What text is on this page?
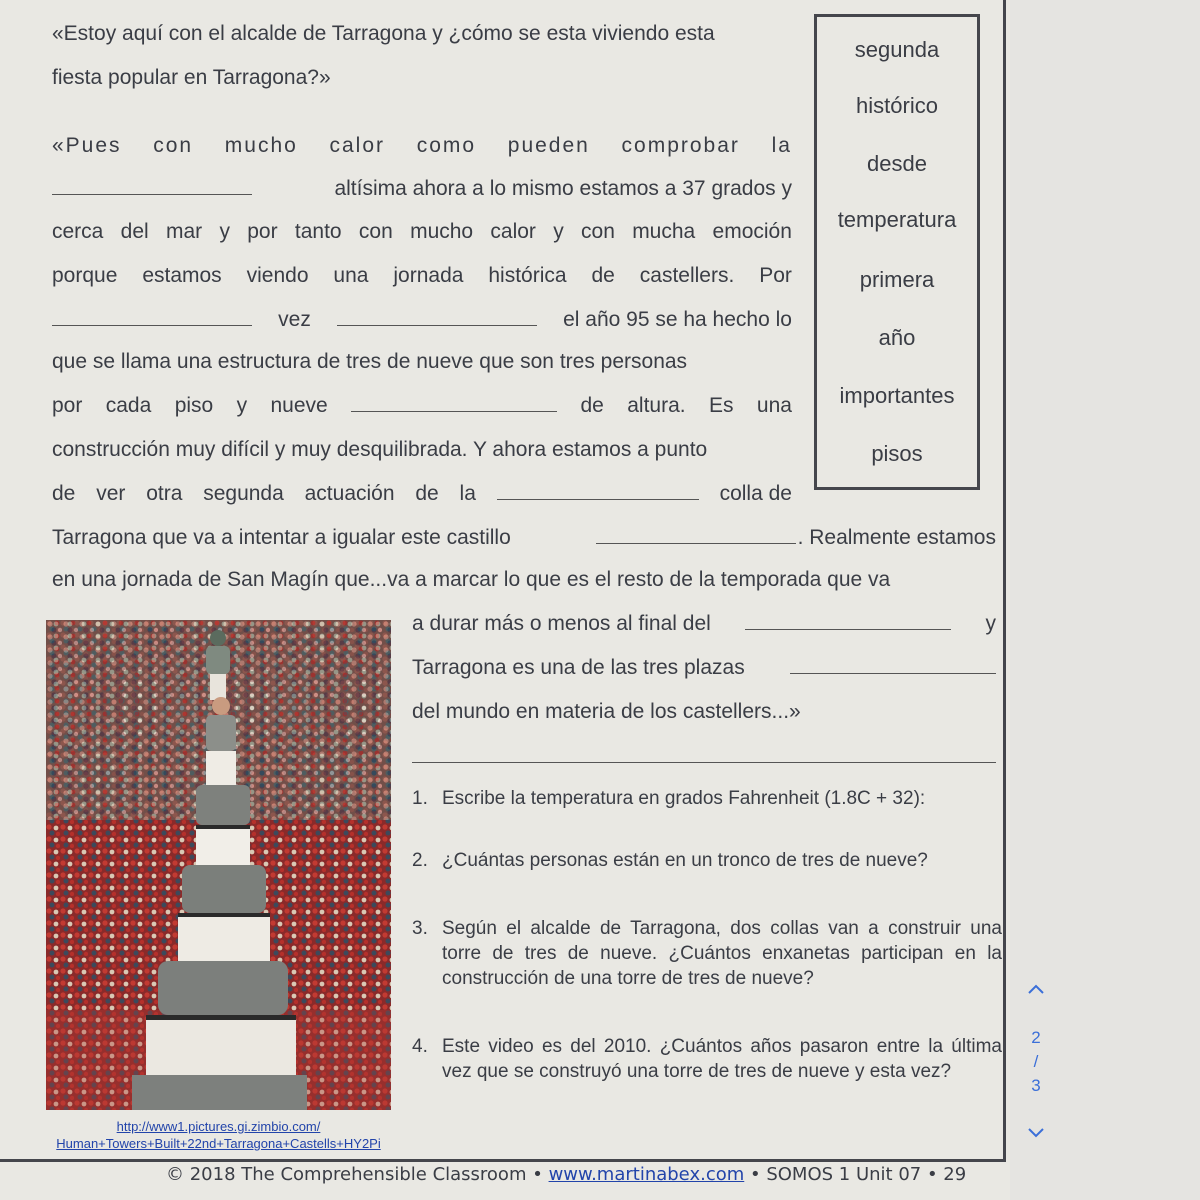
«Estoy aquí con el alcalde de Tarragona y ¿cómo se esta viviendo esta
fiesta popular en Tarragona?»
«Pues con mucho calor como pueden comprobar la
altísima ahora a lo mismo estamos a 37 grados y
cerca del mar y por tanto con mucho calor y con mucha emoción
porque estamos viendo una jornada histórica de castellers. Por
vez	el año 95 se ha hecho lo
que se llama una estructura de tres de nueve que son tres personas
por cada piso y nueve	de altura. Es una
construcción muy difícil y muy desquilibrada. Y ahora estamos a punto
de ver otra segunda actuación de la	colla de
Tarragona que va a intentar a igualar este castillo	. Realmente estamos
en una jornada de San Magín que...va a marcar lo que es el resto de la temporada que va
a durar más o menos al final del	y
Tarragona es una de las tres plazas
del mundo en materia de los castellers...»
segunda
histórico
desde
temperatura
primera
año
importantes
pisos
http://www1.pictures.gi.zimbio.com/
Human+Towers+Built+22nd+Tarragona+Castells+HY2Pi
1. Escribe la temperatura en grados Fahrenheit (1.8C + 32):
2. ¿Cuántas personas están en un tronco de tres de nueve?
3. Según el alcalde de Tarragona, dos collas van a construir una torre de tres de nueve. ¿Cuántos enxanetas participan en la construcción de una torre de tres de nueve?
4. Este video es del 2010. ¿Cuántos años pasaron entre la última vez que se construyó una torre de tres de nueve y esta vez?
© 2018 The Comprehensible Classroom • www.martinabex.com • SOMOS 1 Unit 07 • 29
2
/
3
